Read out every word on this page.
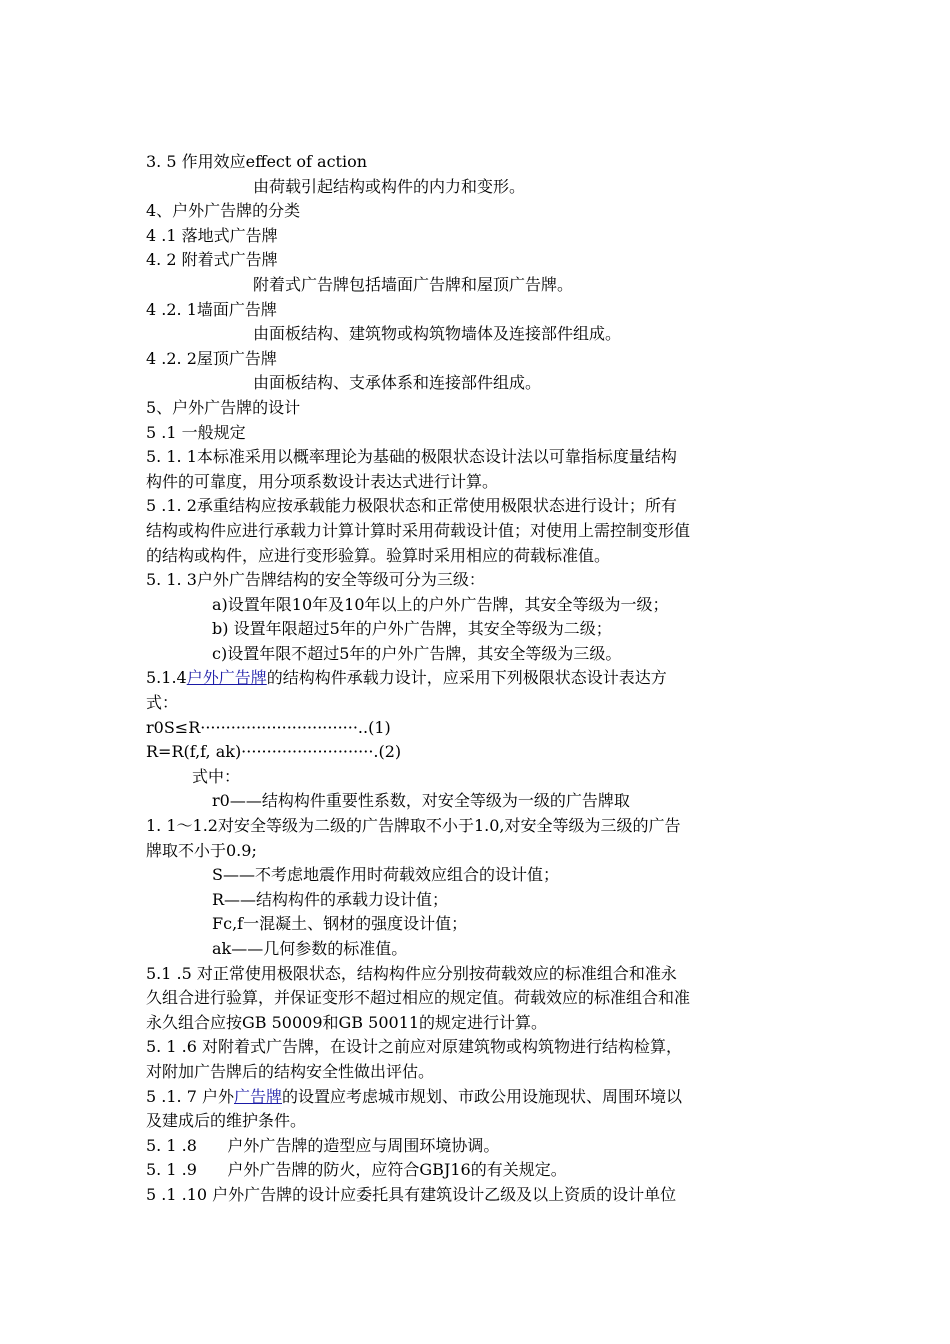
3. 5 作用效应effect of action
由荷载引起结构或构件的内力和变形。
4、户外广告牌的分类
4 .1 落地式广告牌
4. 2 附着式广告牌
附着式广告牌包括墙面广告牌和屋顶广告牌。
4 .2. 1墙面广告牌
由面板结构、建筑物或构筑物墙体及连接部件组成。
4 .2. 2屋顶广告牌
由面板结构、支承体系和连接部件组成。
5、户外广告牌的设计
5 .1 一般规定
5. 1. 1本标准采用以概率理论为基础的极限状态设计法以可靠指标度量结构
构件的可靠度，用分项系数设计表达式进行计算。
5 .1. 2承重结构应按承载能力极限状态和正常使用极限状态进行设计；所有
结构或构件应进行承载力计算计算时采用荷载设计值；对使用上需控制变形值
的结构或构件，应进行变形验算。验算时采用相应的荷载标准值。
5. 1. 3户外广告牌结构的安全等级可分为三级：
a)设置年限10年及10年以上的户外广告牌，其安全等级为一级；
b) 设置年限超过5年的户外广告牌，其安全等级为二级；
c)设置年限不超过5年的户外广告牌，其安全等级为三级。
5.1.4户外广告牌的结构构件承载力设计，应采用下列极限状态设计表达方
式：
r0S≤R·······························..(1)
R=R(f,f, ak)··························.(2)
式中：
r0——结构构件重要性系数，对安全等级为一级的广告牌取
1. 1～1.2对安全等级为二级的广告牌取不小于1.0,对安全等级为三级的广告
牌取不小于0.9;
S——不考虑地震作用时荷载效应组合的设计值；
R——结构构件的承载力设计值；
Fc,f一混凝土、钢材的强度设计值；
ak——几何参数的标准值。
5.1 .5 对正常使用极限状态，结构构件应分别按荷载效应的标准组合和准永
久组合进行验算，并保证变形不超过相应的规定值。荷载效应的标准组合和准
永久组合应按GB 50009和GB 50011的规定进行计算。
5. 1 .6 对附着式广告牌，在设计之前应对原建筑物或构筑物进行结构检算，
对附加广告牌后的结构安全性做出评估。
5 .1. 7 户外广告牌的设置应考虑城市规划、市政公用设施现状、周围环境以
及建成后的维护条件。
5. 1 .8      户外广告牌的造型应与周围环境协调。
5. 1 .9      户外广告牌的防火，应符合GBJ16的有关规定。
5 .1 .10 户外广告牌的设计应委托具有建筑设计乙级及以上资质的设计单位
